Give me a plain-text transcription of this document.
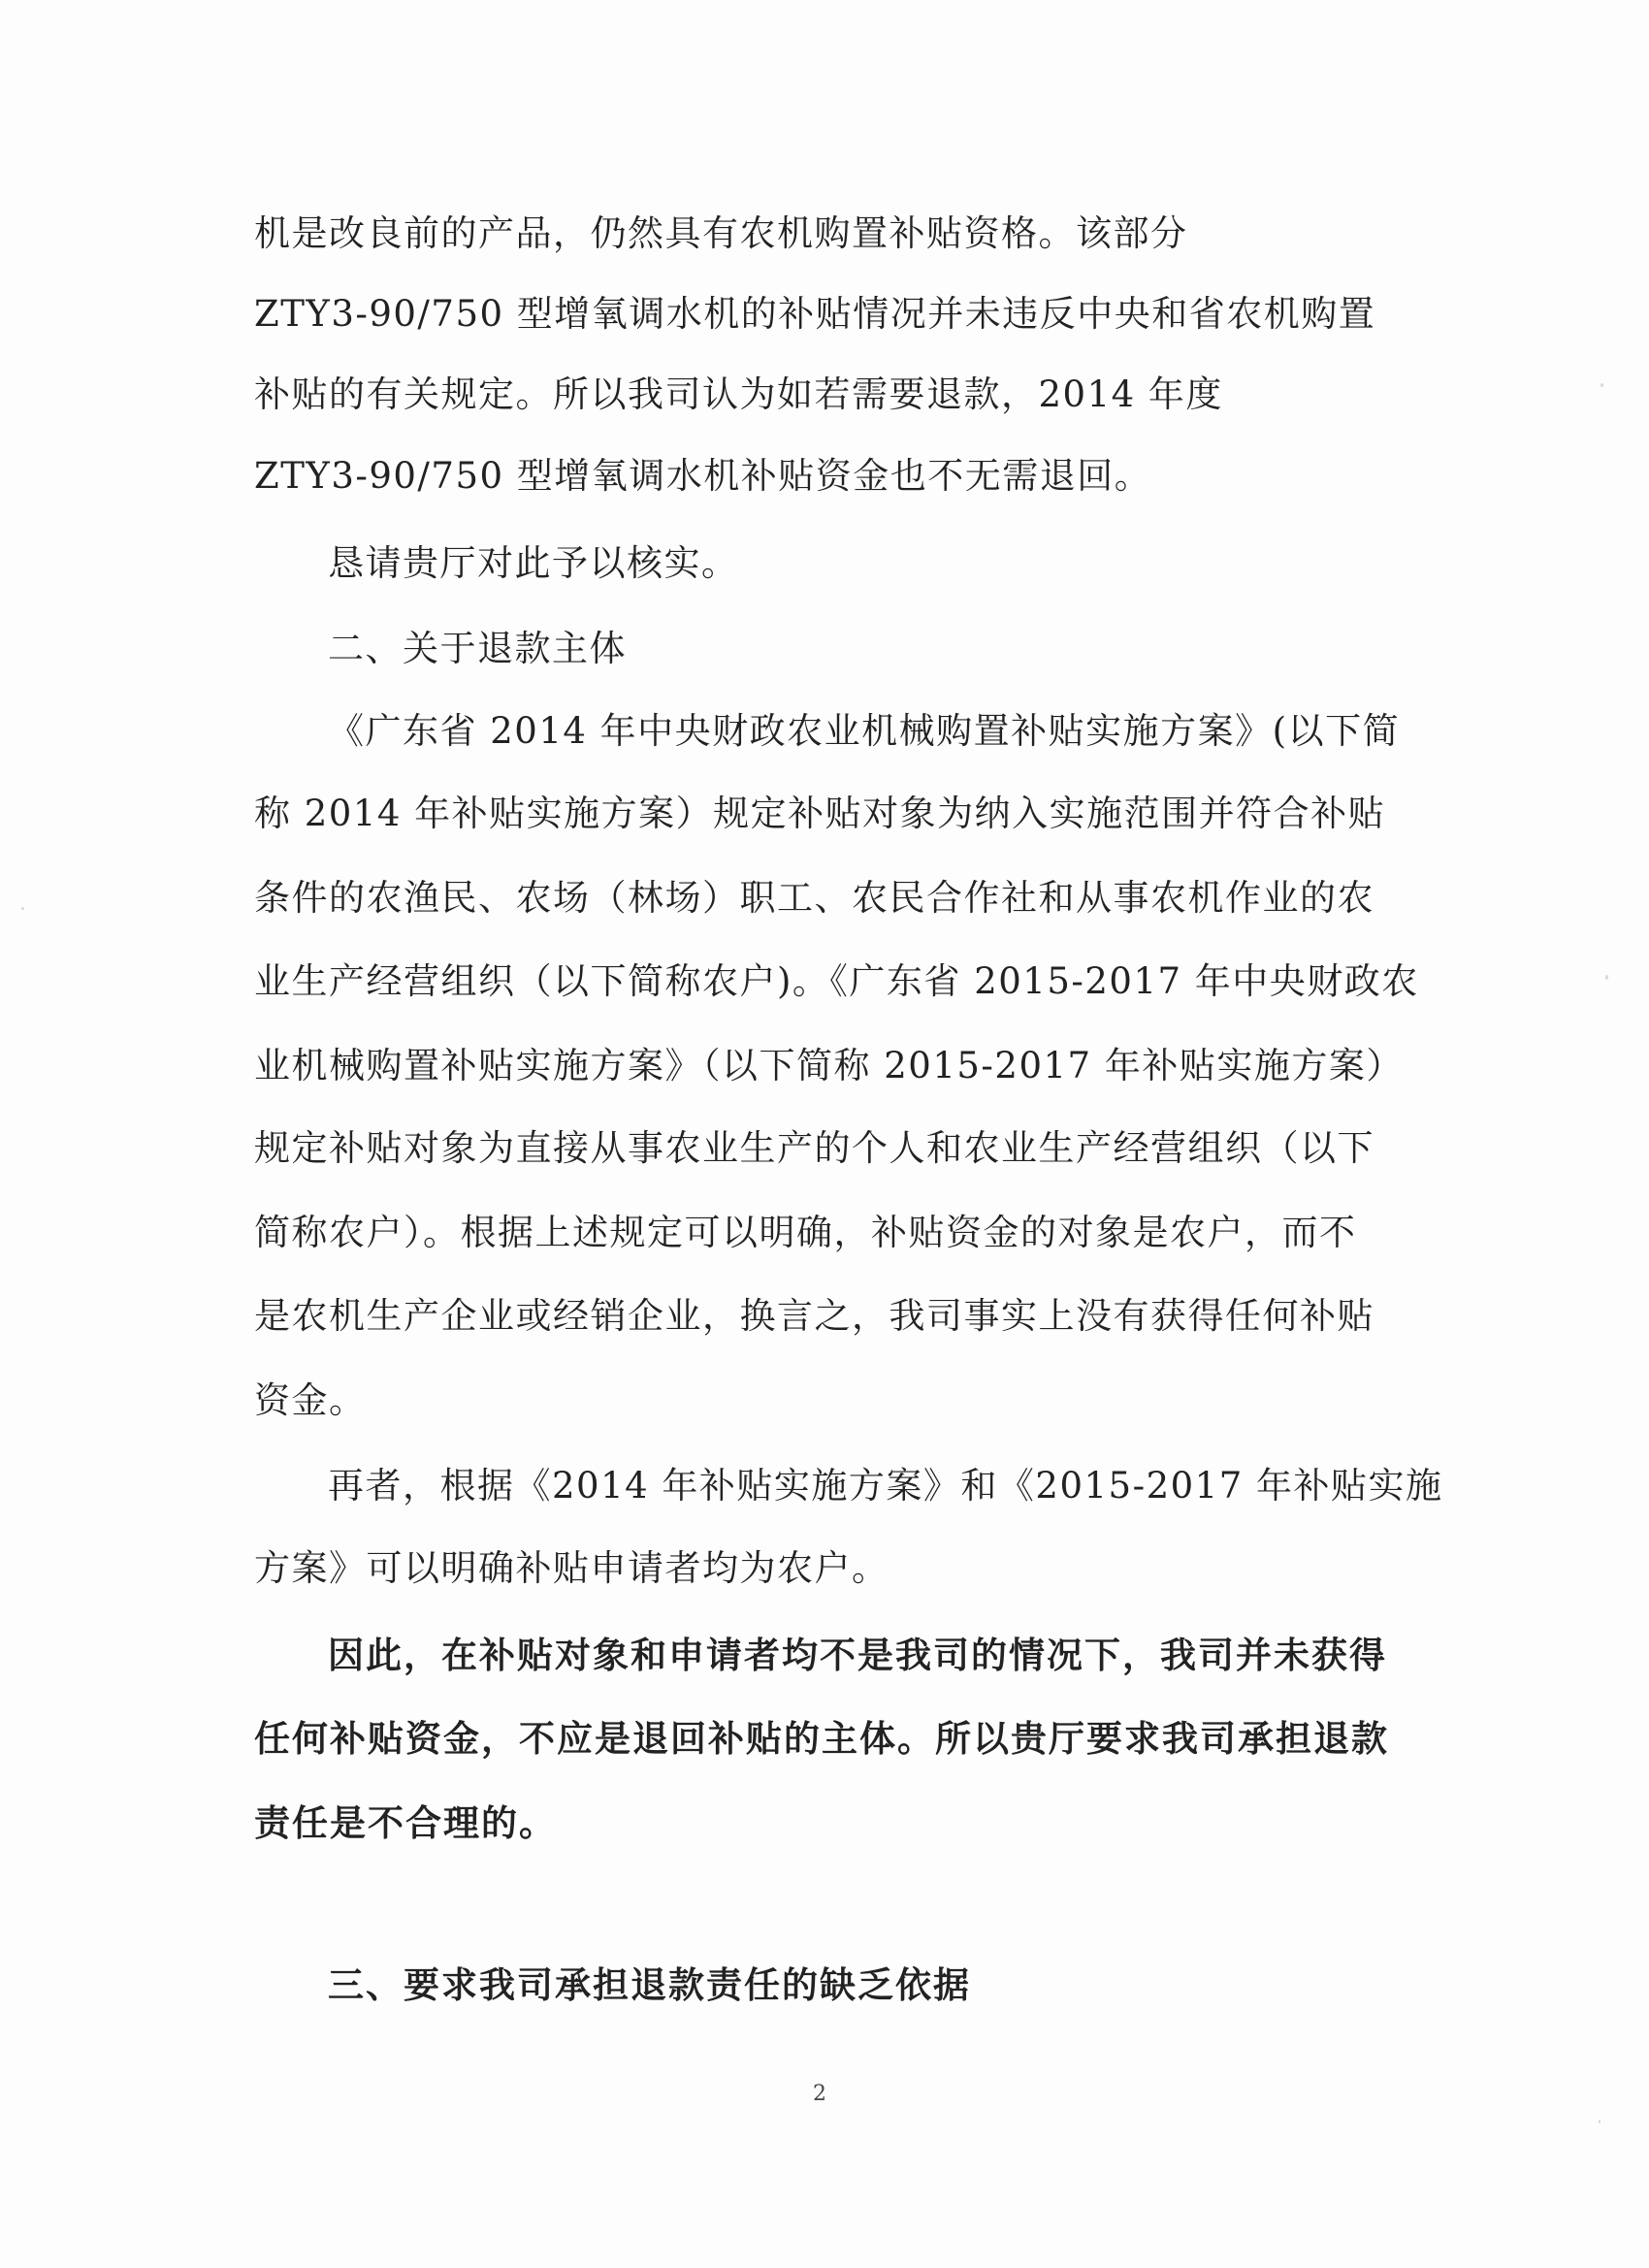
机是改良前的产品，仍然具有农机购置补贴资格。该部分
ZTY3-90/750 型增氧调水机的补贴情况并未违反中央和省农机购置
补贴的有关规定。所以我司认为如若需要退款，2014 年度
ZTY3-90/750 型增氧调水机补贴资金也不无需退回。
恳请贵厅对此予以核实。
二、关于退款主体
《广东省 2014 年中央财政农业机械购置补贴实施方案》(以下简
称 2014 年补贴实施方案）规定补贴对象为纳入实施范围并符合补贴
条件的农渔民、农场（林场）职工、农民合作社和从事农机作业的农
业生产经营组织（以下简称农户)。《广东省 2015-2017 年中央财政农
业机械购置补贴实施方案》（以下简称 2015-2017 年补贴实施方案）
规定补贴对象为直接从事农业生产的个人和农业生产经营组织（以下
简称农户）。根据上述规定可以明确，补贴资金的对象是农户，而不
是农机生产企业或经销企业，换言之，我司事实上没有获得任何补贴
资金。
再者，根据《2014 年补贴实施方案》和《2015-2017 年补贴实施
方案》可以明确补贴申请者均为农户。
因此，在补贴对象和申请者均不是我司的情况下，我司并未获得
任何补贴资金，不应是退回补贴的主体。所以贵厅要求我司承担退款
责任是不合理的。
三、要求我司承担退款责任的缺乏依据
2
